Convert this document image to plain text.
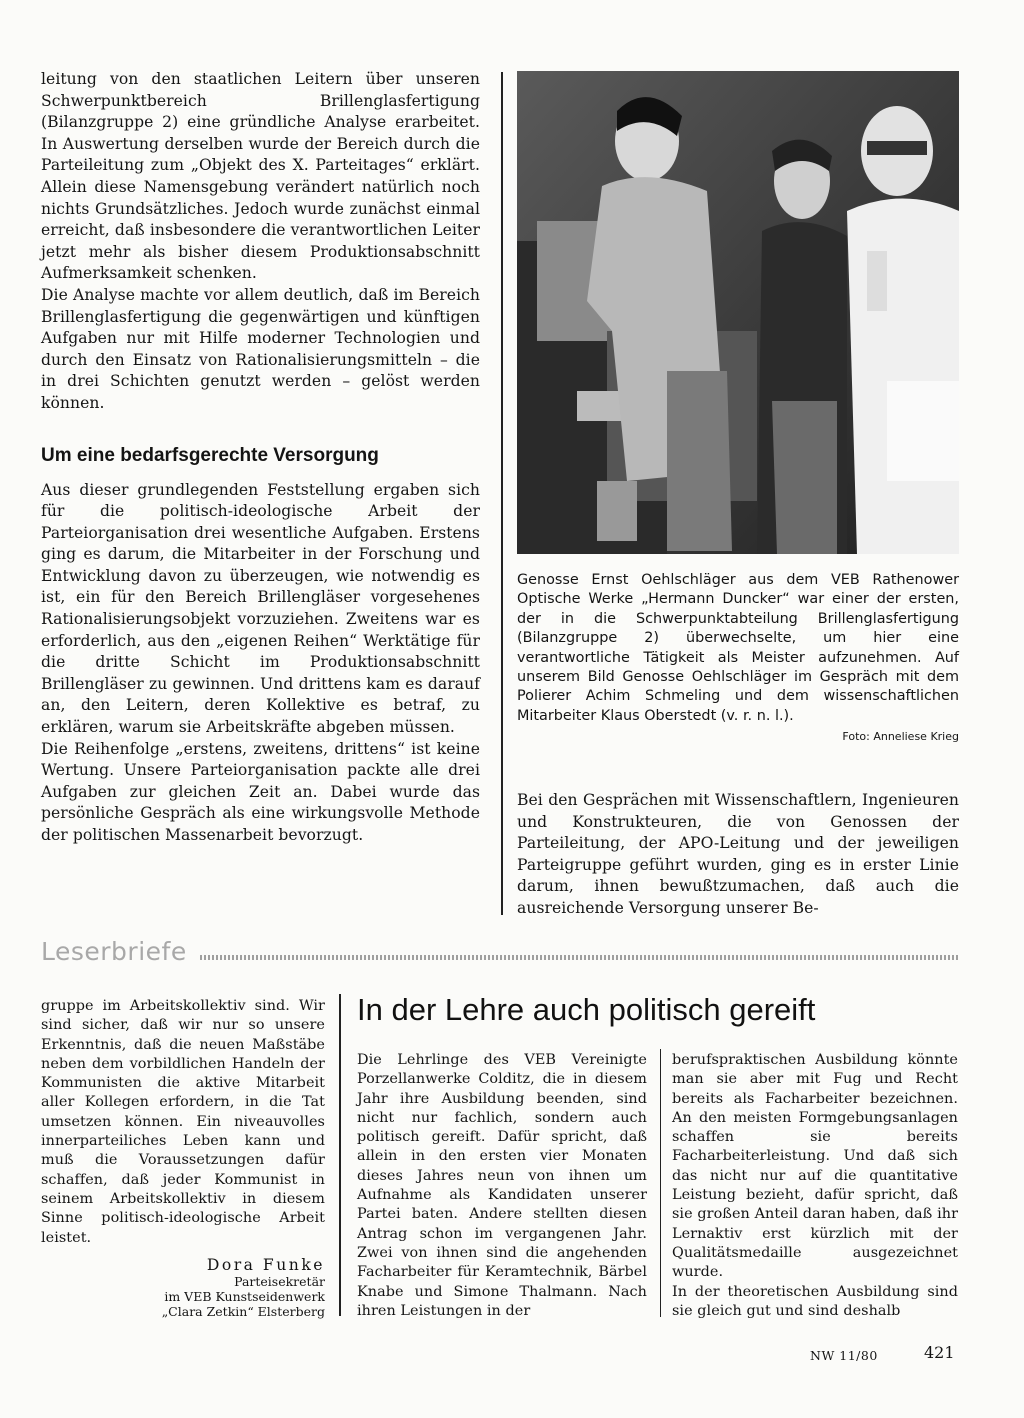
leitung von den staatlichen Leitern über unseren Schwerpunktbereich Brillenglasfertigung (Bilanzgruppe 2) eine gründliche Analyse erarbeitet. In Auswertung derselben wurde der Bereich durch die Parteileitung zum „Objekt des X. Parteitages“ erklärt. Allein diese Namensgebung verändert natürlich noch nichts Grundsätzliches. Jedoch wurde zunächst einmal erreicht, daß insbesondere die verantwortlichen Leiter jetzt mehr als bisher diesem Produktionsabschnitt Aufmerksamkeit schenken.

Die Analyse machte vor allem deutlich, daß im Bereich Brillenglasfertigung die gegenwärtigen und künftigen Aufgaben nur mit Hilfe moderner Technologien und durch den Einsatz von Rationalisierungsmitteln – die in drei Schichten genutzt werden – gelöst werden können.

Um eine bedarfsgerechte Versorgung

Aus dieser grundlegenden Feststellung ergaben sich für die politisch-ideologische Arbeit der Parteiorganisation drei wesentliche Aufgaben. Erstens ging es darum, die Mitarbeiter in der Forschung und Entwicklung davon zu überzeugen, wie notwendig es ist, ein für den Bereich Brillengläser vorgesehenes Rationalisierungsobjekt vorzuziehen. Zweitens war es erforderlich, aus den „eigenen Reihen“ Werktätige für die dritte Schicht im Produktionsabschnitt Brillengläser zu gewinnen. Und drittens kam es darauf an, den Leitern, deren Kollektive es betraf, zu erklären, warum sie Arbeitskräfte abgeben müssen.

Die Reihenfolge „erstens, zweitens, drittens“ ist keine Wertung. Unsere Parteiorganisation packte alle drei Aufgaben zur gleichen Zeit an. Dabei wurde das persönliche Gespräch als eine wirkungsvolle Methode der politischen Massenarbeit bevorzugt.

Genosse Ernst Oehlschläger aus dem VEB Rathenower Optische Werke „Hermann Duncker“ war einer der ersten, der in die Schwerpunktabteilung Brillenglasfertigung (Bilanzgruppe 2) überwechselte, um hier eine verantwortliche Tätigkeit als Meister aufzunehmen. Auf unserem Bild Genosse Oehlschläger im Gespräch mit dem Polierer Achim Schmeling und dem wissenschaftlichen Mitarbeiter Klaus Oberstedt (v. r. n. l.).

Foto: Anneliese Krieg

Bei den Gesprächen mit Wissenschaftlern, Ingenieuren und Konstrukteuren, die von Genossen der Parteileitung, der APO-Leitung und der jeweiligen Parteigruppe geführt wurden, ging es in erster Linie darum, ihnen bewußtzumachen, daß auch die ausreichende Versorgung unserer Be-

Leserbriefe

gruppe im Arbeitskollektiv sind. Wir sind sicher, daß wir nur so unsere Erkenntnis, daß die neuen Maßstäbe neben dem vorbildlichen Handeln der Kommunisten die aktive Mitarbeit aller Kollegen erfordern, in die Tat umsetzen können. Ein niveauvolles innerparteiliches Leben kann und muß die Voraussetzungen dafür schaffen, daß jeder Kommunist in seinem Arbeitskollektiv in diesem Sinne politisch-ideologische Arbeit leistet.

Dora Funke
Parteisekretär
im VEB Kunstseidenwerk
„Clara Zetkin“ Elsterberg
In der Lehre auch politisch gereift

Die Lehrlinge des VEB Vereinigte Porzellanwerke Colditz, die in diesem Jahr ihre Ausbildung beenden, sind nicht nur fachlich, sondern auch politisch gereift. Dafür spricht, daß allein in den ersten vier Monaten dieses Jahres neun von ihnen um Aufnahme als Kandidaten unserer Partei baten. Andere stellten diesen Antrag schon im vergangenen Jahr. Zwei von ihnen sind die angehenden Facharbeiter für Keramtechnik, Bärbel Knabe und Simone Thalmann. Nach ihren Leistungen in der

berufspraktischen Ausbildung könnte man sie aber mit Fug und Recht bereits als Facharbeiter bezeichnen. An den meisten Formgebungsanlagen schaffen sie bereits Facharbeiterleistung. Und daß sich das nicht nur auf die quantitative Leistung bezieht, dafür spricht, daß sie großen Anteil daran haben, daß ihr Lernaktiv erst kürzlich mit der Qualitätsmedaille ausgezeichnet wurde.

In der theoretischen Ausbildung sind sie gleich gut und sind deshalb

NW 11/80	421
